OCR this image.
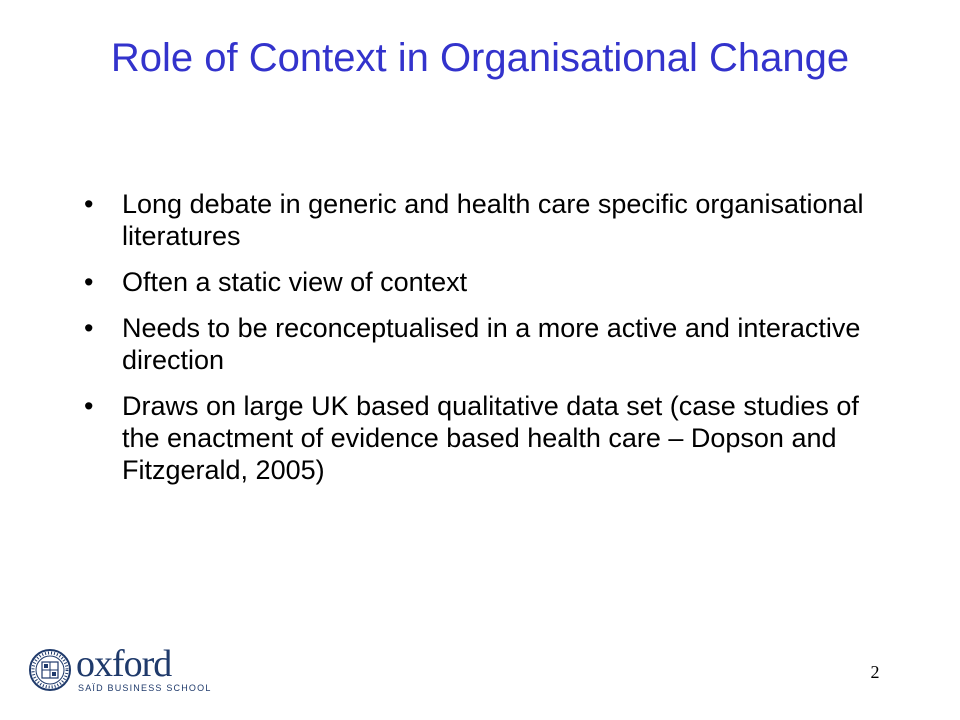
Role of Context in Organisational Change
•	Long debate in generic and health care specific organisational literatures
•	Often a static view of context
•	Needs to be reconceptualised in a more active and interactive direction
•	Draws on large UK based qualitative data set (case studies of the enactment of evidence based health care – Dopson and Fitzgerald, 2005)
oxford
SAÏD BUSINESS SCHOOL
2
